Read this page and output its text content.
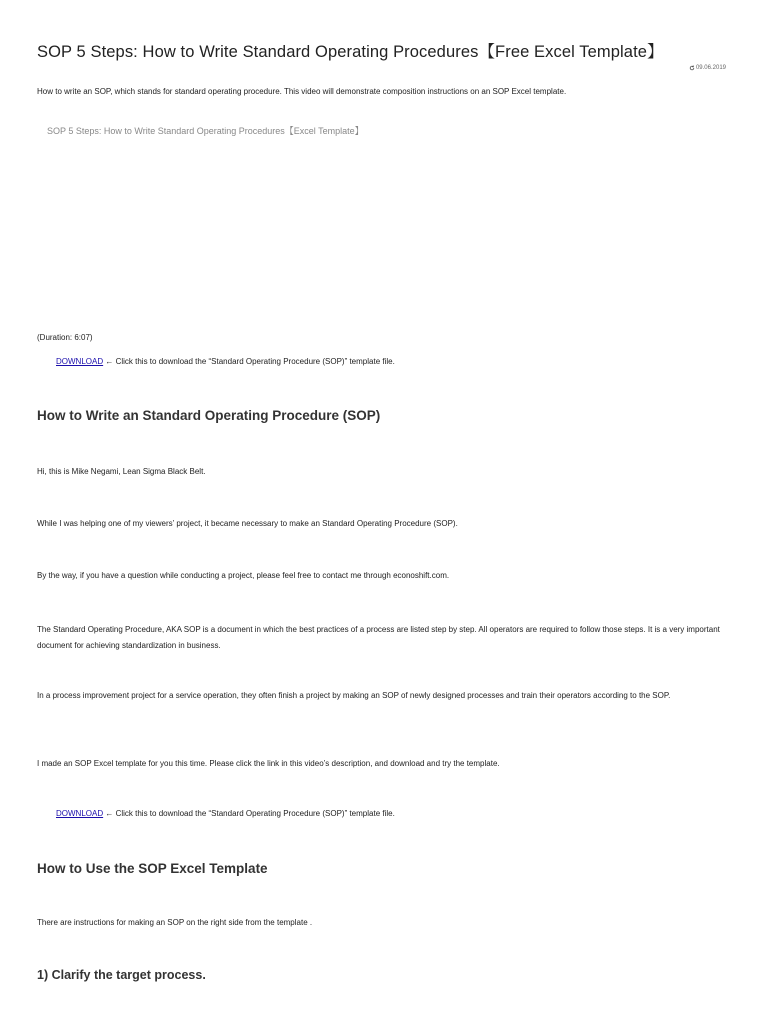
SOP 5 Steps: How to Write Standard Operating Procedures【Free Excel Template】
09.06.2019

How to write an SOP, which stands for standard operating procedure. This video will demonstrate composition instructions on an SOP Excel template.

SOP 5 Steps: How to Write Standard Operating Procedures【Excel Template】

(Duration: 6:07)

DOWNLOAD ← Click this to download the “Standard Operating Procedure (SOP)” template file.
How to Write an Standard Operating Procedure (SOP)

Hi, this is Mike Negami, Lean Sigma Black Belt.

While I was helping one of my viewers’ project, it became necessary to make an Standard Operating Procedure (SOP).

By the way, if you have a question while conducting a project, please feel free to contact me through econoshift.com.

The Standard Operating Procedure, AKA SOP is a document in which the best practices of a process are listed step by step. All operators are required to follow those steps. It is a very important document for achieving standardization in business.

In a process improvement project for a service operation, they often finish a project by making an SOP of newly designed processes and train their operators according to the SOP.

I made an SOP Excel template for you this time. Please click the link in this video’s description, and download and try the template.

DOWNLOAD ← Click this to download the “Standard Operating Procedure (SOP)” template file.
How to Use the SOP Excel Template

There are instructions for making an SOP on the right side from the template .

1) Clarify the target process.
